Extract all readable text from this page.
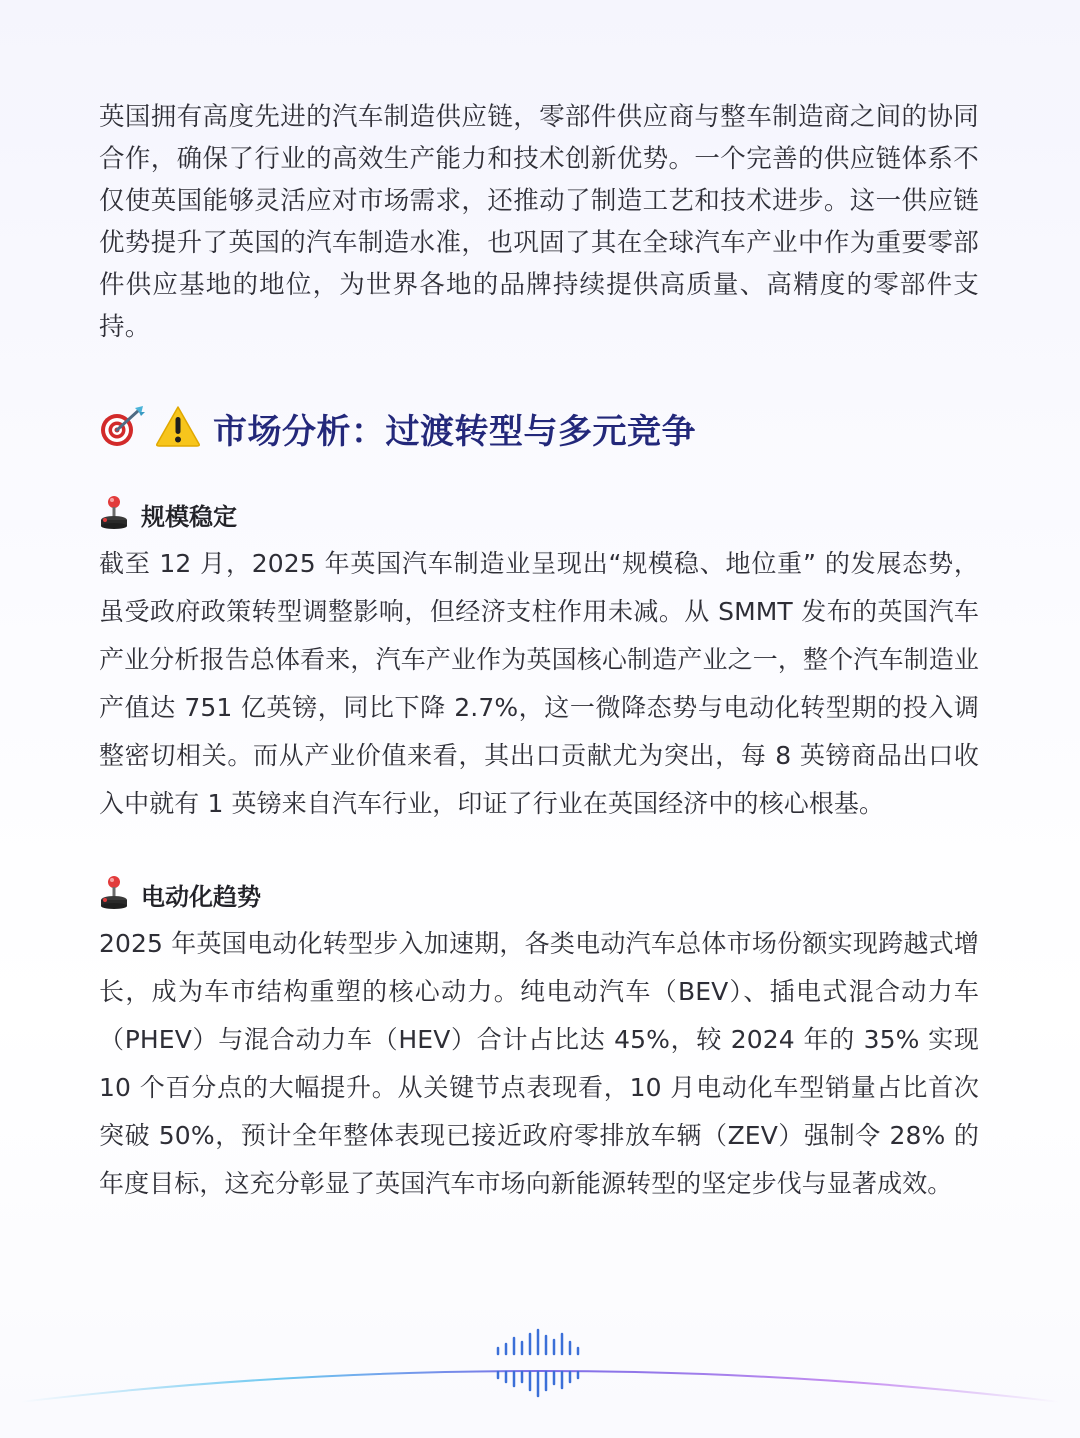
英国拥有高度先进的汽车制造供应链，零部件供应商与整车制造商之间的协同合作，确保了行业的高效生产能力和技术创新优势。一个完善的供应链体系不仅使英国能够灵活应对市场需求，还推动了制造工艺和技术进步。这一供应链优势提升了英国的汽车制造水准，也巩固了其在全球汽车产业中作为重要零部件供应基地的地位，为世界各地的品牌持续提供高质量、高精度的零部件支持。

市场分析：过渡转型与多元竞争
规模稳定

截至 12 月，2025 年英国汽车制造业呈现出“规模稳、地位重” 的发展态势，虽受政府政策转型调整影响，但经济支柱作用未减。从 SMMT 发布的英国汽车产业分析报告总体看来，汽车产业作为英国核心制造产业之一，整个汽车制造业产值达 751 亿英镑，同比下降 2.7%，这一微降态势与电动化转型期的投入调整密切相关。而从产业价值来看，其出口贡献尤为突出，每 8 英镑商品出口收入中就有 1 英镑来自汽车行业，印证了行业在英国经济中的核心根基。

电动化趋势

2025 年英国电动化转型步入加速期，各类电动汽车总体市场份额实现跨越式增长，成为车市结构重塑的核心动力。纯电动汽车（BEV）、插电式混合动力车（PHEV）与混合动力车（HEV）合计占比达 45%，较 2024 年的 35% 实现 10 个百分点的大幅提升。从关键节点表现看，10 月电动化车型销量占比首次突破 50%，预计全年整体表现已接近政府零排放车辆（ZEV）强制令 28% 的年度目标，这充分彰显了英国汽车市场向新能源转型的坚定步伐与显著成效。
